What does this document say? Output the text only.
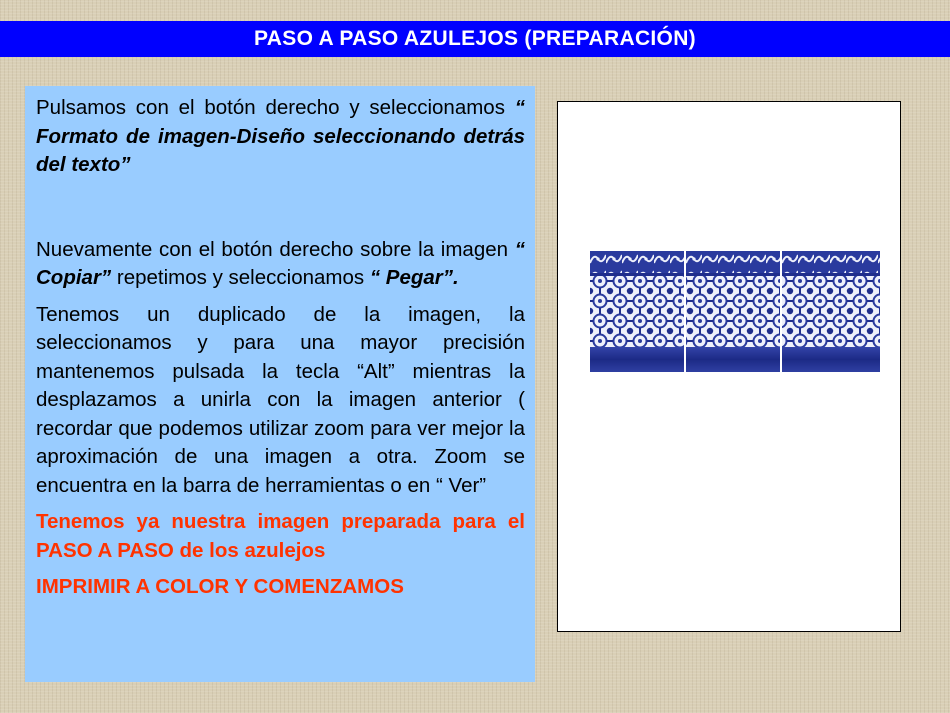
PASO A PASO AZULEJOS (PREPARACIÓN)

Pulsamos con el botón derecho y seleccionamos “ Formato de imagen-Diseño seleccionando detrás del texto”

Nuevamente con el botón derecho sobre la imagen “ Copiar” repetimos y seleccionamos “ Pegar”.

Tenemos un duplicado de la imagen, la seleccionamos y para una mayor precisión mantenemos pulsada la tecla “Alt” mientras la desplazamos a unirla con la imagen anterior ( recordar que podemos utilizar zoom para ver mejor la aproximación de una imagen a otra. Zoom se encuentra en la barra de herramientas o en “ Ver”

Tenemos ya nuestra imagen preparada para el PASO A PASO de los azulejos

IMPRIMIR A COLOR Y COMENZAMOS
